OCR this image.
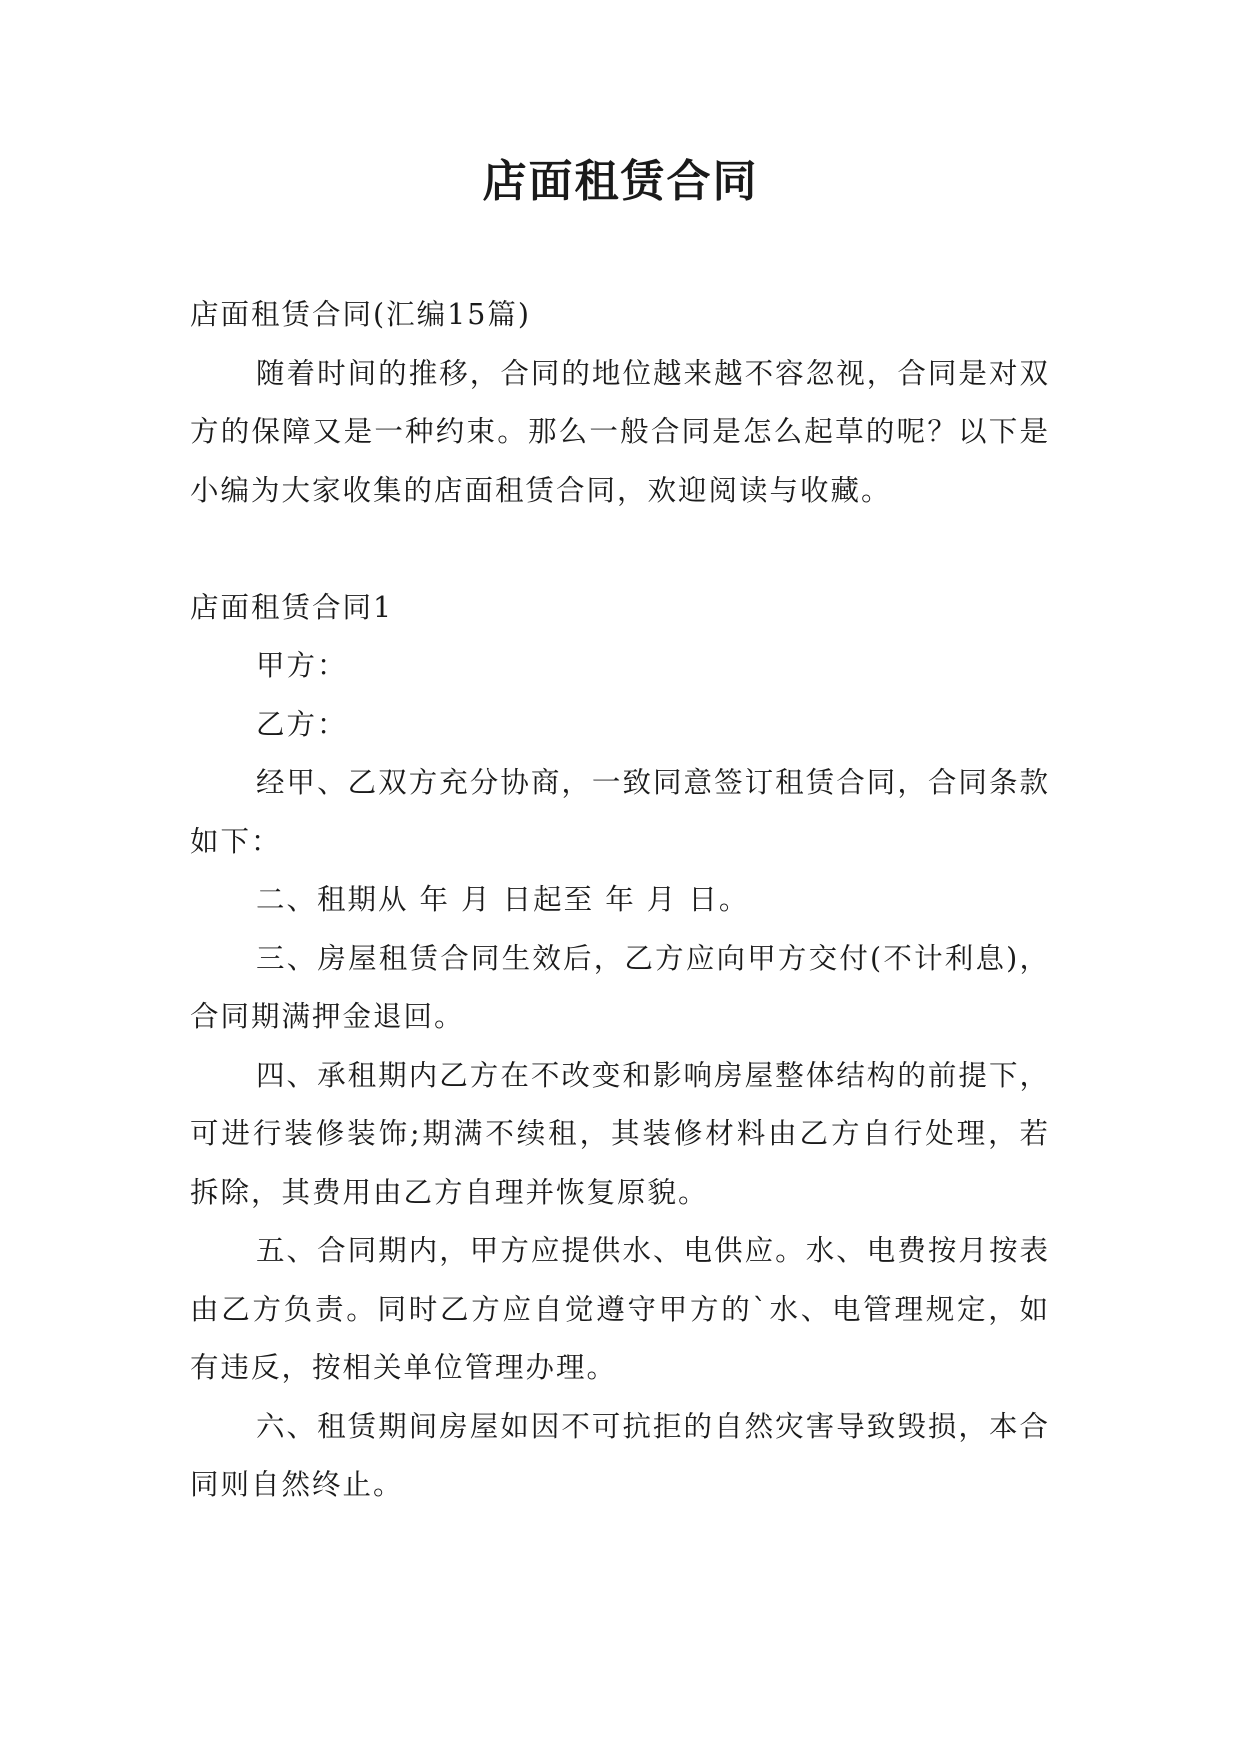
店面租赁合同

店面租赁合同(汇编15篇)

随着时间的推移，合同的地位越来越不容忽视，合同是对双方的保障又是一种约束。那么一般合同是怎么起草的呢？以下是小编为大家收集的店面租赁合同，欢迎阅读与收藏。

店面租赁合同1

甲方：

乙方：

经甲、乙双方充分协商，一致同意签订租赁合同，合同条款如下：

二、租期从 年 月 日起至 年 月 日。

三、房屋租赁合同生效后，乙方应向甲方交付(不计利息)，合同期满押金退回。

四、承租期内乙方在不改变和影响房屋整体结构的前提下，可进行装修装饰;期满不续租，其装修材料由乙方自行处理，若拆除，其费用由乙方自理并恢复原貌。

五、合同期内，甲方应提供水、电供应。水、电费按月按表由乙方负责。同时乙方应自觉遵守甲方的`水、电管理规定，如有违反，按相关单位管理办理。

六、租赁期间房屋如因不可抗拒的自然灾害导致毁损，本合同则自然终止。
